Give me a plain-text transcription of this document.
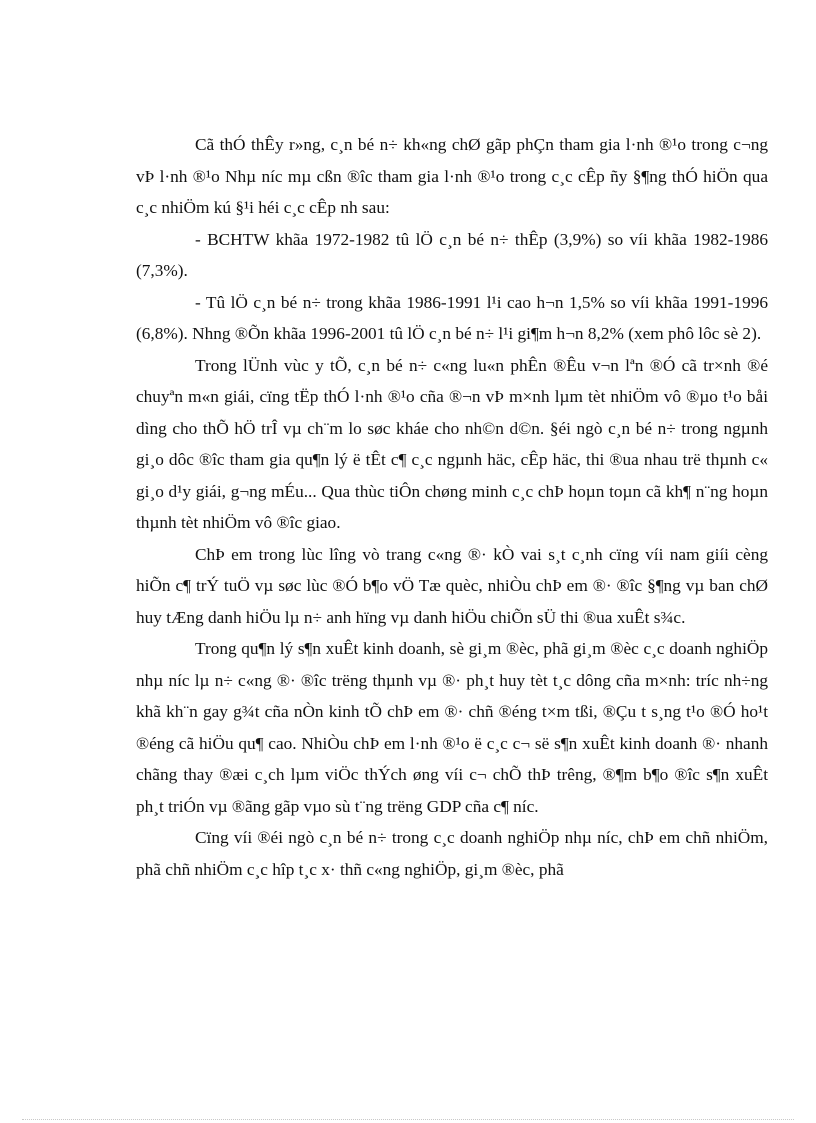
Cã thÓ thÊy r»ng, c¸n bé n÷ kh«ng chØ gãp phÇn tham gia l·nh ®¹o trong c¬ng vÞ l·nh ®¹o Nhµ níc mµ cßn ®îc tham gia l·nh ®¹o trong c¸c cÊp ñy §¶ng thÓ hiÖn qua c¸c nhiÖm kú §¹i héi c¸c cÊp nh sau:

- BCHTW khãa 1972-1982 tû lÖ c¸n bé n÷ thÊp (3,9%) so víi khãa 1982-1986 (7,3%).

- Tû lÖ c¸n bé n÷ trong khãa 1986-1991 l¹i cao h¬n 1,5% so víi khãa 1991-1996 (6,8%). Nhng ®Õn khãa 1996-2001 tû lÖ c¸n bé n÷ l¹i gi¶m h¬n 8,2% (xem phô lôc sè 2).

Trong lÜnh vùc y tÕ, c¸n bé n÷ c«ng lu«n phÊn ®Êu v¬n lªn ®Ó cã tr×nh ®é chuyªn m«n giái, cïng tËp thÓ l·nh ®¹o cña ®¬n vÞ m×nh lµm tèt nhiÖm vô ®µo t¹o båi dìng cho thÕ hÖ trÎ vµ ch¨m lo søc kháe cho nh©n d©n. §éi ngò c¸n bé n÷ trong ngµnh gi¸o dôc ®îc tham gia qu¶n lý ë tÊt c¶ c¸c ngµnh häc, cÊp häc, thi ®ua nhau trë thµnh c« gi¸o d¹y giái, g¬ng mÉu... Qua thùc tiÔn chøng minh c¸c chÞ hoµn toµn cã kh¶ n¨ng hoµn thµnh tèt nhiÖm vô ®îc giao.

ChÞ em trong lùc lîng vò trang c«ng ®· kÒ vai s¸t c¸nh cïng víi nam giíi cèng hiÕn c¶ trÝ tuÖ vµ søc lùc ®Ó b¶o vÖ Tæ quèc, nhiÒu chÞ em ®· ®îc §¶ng vµ ban chØ huy tÆng danh hiÖu lµ n÷ anh hïng vµ danh hiÖu chiÕn sÜ thi ®ua xuÊt s¾c.

Trong qu¶n lý s¶n xuÊt kinh doanh, sè gi¸m ®èc, phã gi¸m ®èc c¸c doanh nghiÖp nhµ níc lµ n÷ c«ng ®· ®îc trëng thµnh vµ ®· ph¸t huy tèt t¸c dông cña m×nh: tríc nh÷ng khã kh¨n gay g¾t cña nÒn kinh tÕ chÞ em ®· chñ ®éng t×m tßi, ®Çu t s¸ng t¹o ®Ó ho¹t ®éng cã hiÖu qu¶ cao. NhiÒu chÞ em l·nh ®¹o ë c¸c c¬ së s¶n xuÊt kinh doanh ®· nhanh chãng thay ®æi c¸ch lµm viÖc thÝch øng víi c¬ chÕ thÞ trêng, ®¶m b¶o ®îc s¶n xuÊt ph¸t triÓn vµ ®ãng gãp vµo sù t¨ng trëng GDP cña c¶ níc.

Cïng víi ®éi ngò c¸n bé n÷ trong c¸c doanh nghiÖp nhµ níc, chÞ em chñ nhiÖm, phã chñ nhiÖm c¸c hîp t¸c x· thñ c«ng nghiÖp, gi¸m ®èc, phã
